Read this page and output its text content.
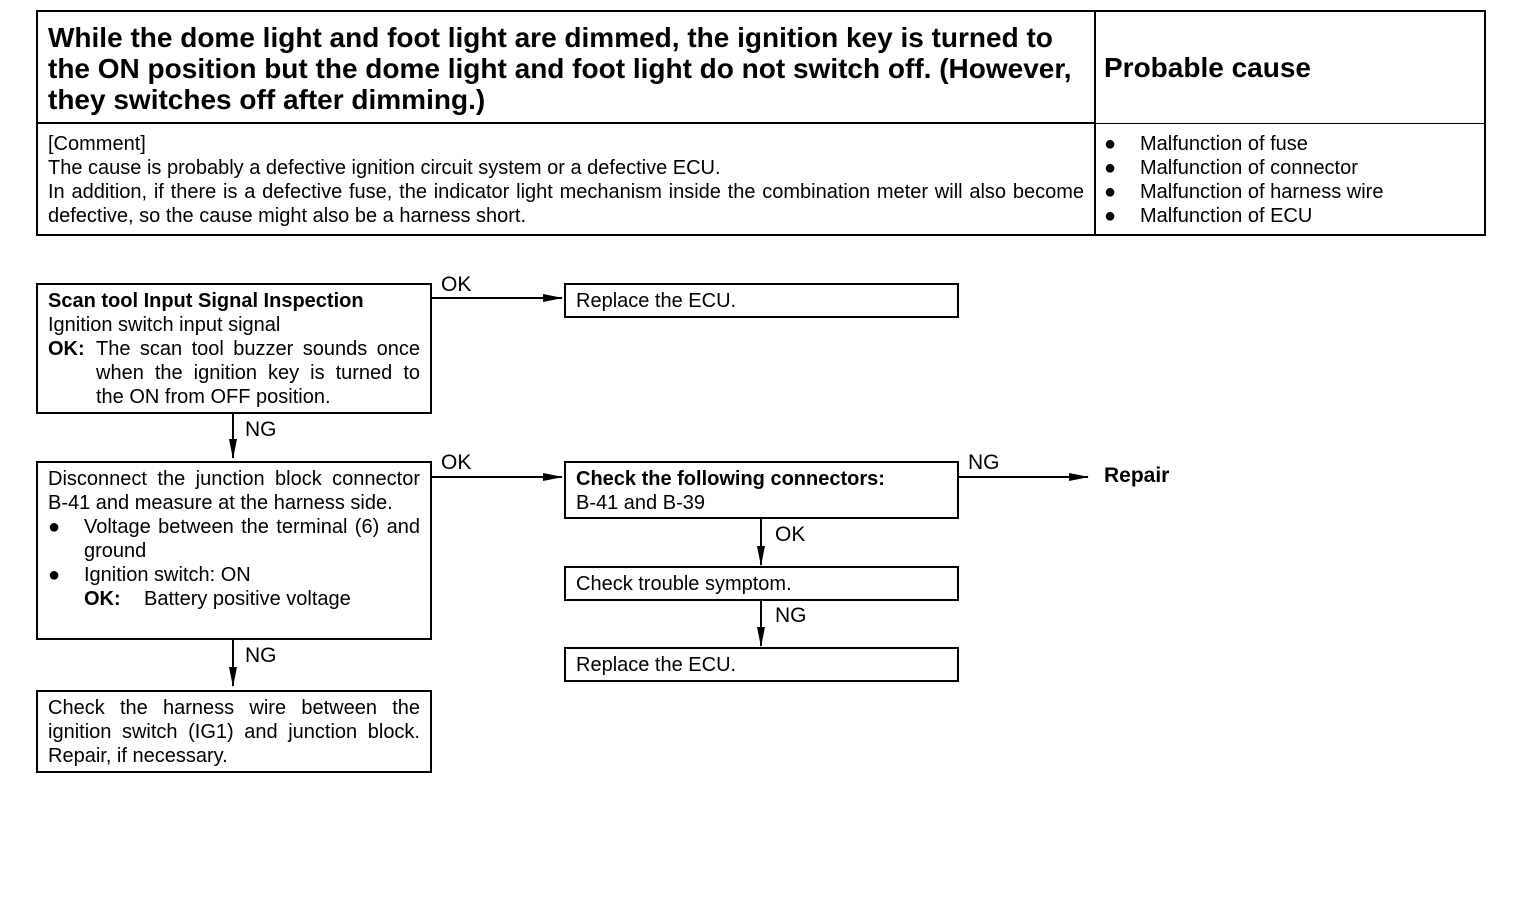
While the dome light and foot light are dimmed, the ignition key is turned to the ON position but the dome light and foot light do not switch off. (However, they switches off after dimming.)
Probable cause
[Comment]
The cause is probably a defective ignition circuit system or a defective ECU.
In addition, if there is a defective fuse, the indicator light mechanism inside the combination meter will also become defective, so the cause might also be a harness short.
●	Malfunction of fuse
●	Malfunction of connector
●	Malfunction of harness wire
●	Malfunction of ECU
Scan tool Input Signal Inspection
Ignition switch input signal
OK: The scan tool buzzer sounds once when the ignition key is turned to the ON from OFF position.
Replace the ECU.
Disconnect the junction block connector B-41 and measure at the harness side.
●	Voltage between the terminal (6) and ground
●	Ignition switch: ON
OK:	Battery positive voltage
Check the following connectors:
B-41 and B-39
Check trouble symptom.
Replace the ECU.
Check the harness wire between the ignition switch (IG1) and junction block. Repair, if necessary.
OK
NG
OK	NG
OK
NG
NG
Repair
